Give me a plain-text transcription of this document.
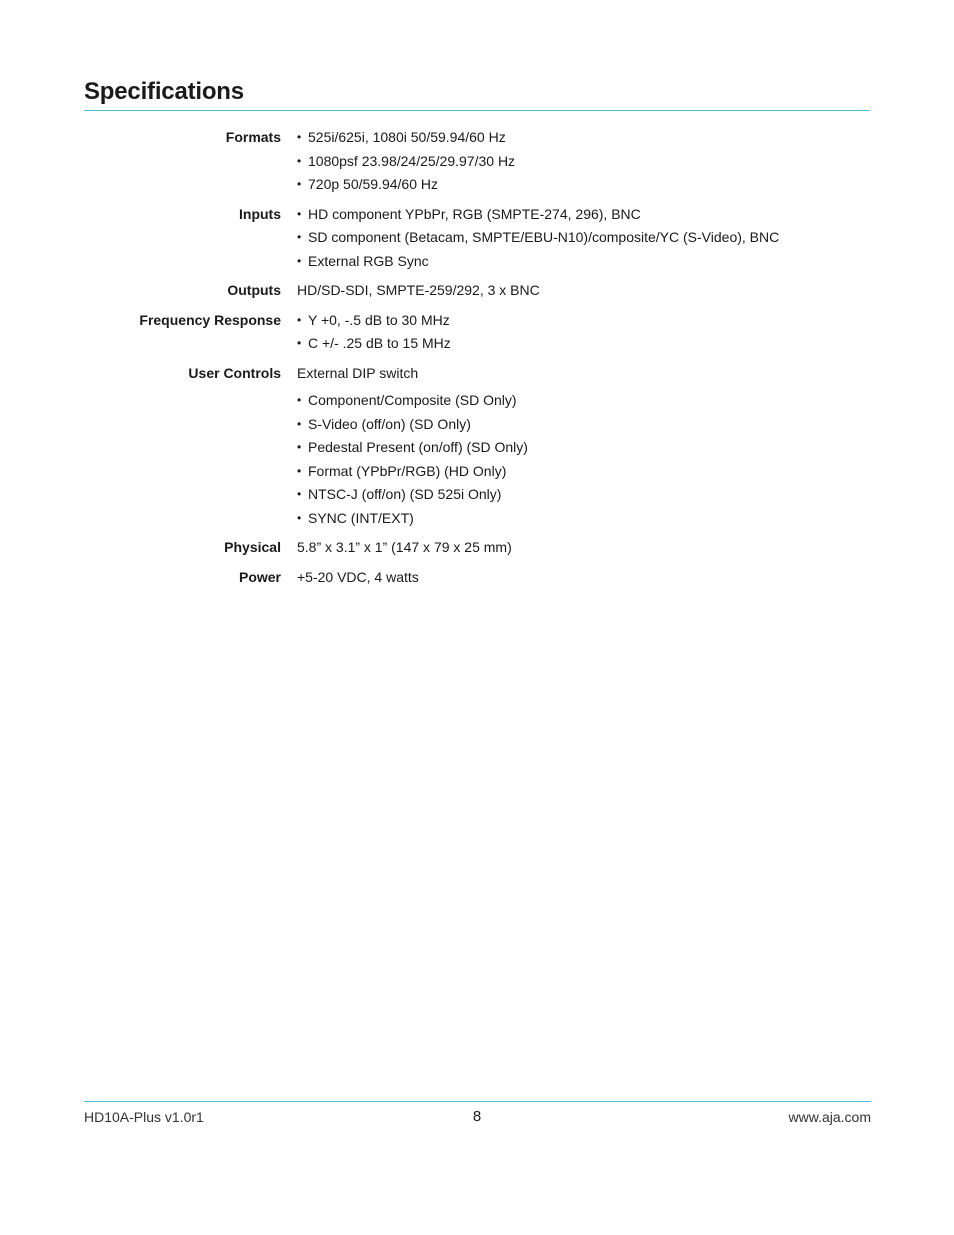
Specifications
Formats • 525i/625i, 1080i 50/59.94/60 Hz
• 1080psf 23.98/24/25/29.97/30 Hz
• 720p 50/59.94/60 Hz
Inputs • HD component YPbPr, RGB (SMPTE-274, 296), BNC
• SD component (Betacam, SMPTE/EBU-N10)/composite/YC (S-Video), BNC
• External RGB Sync
Outputs HD/SD-SDI, SMPTE-259/292, 3 x BNC
Frequency Response • Y +0, -.5 dB to 30 MHz
• C +/- .25 dB to 15 MHz
User Controls External DIP switch
• Component/Composite (SD Only)
• S-Video (off/on) (SD Only)
• Pedestal Present (on/off) (SD Only)
• Format (YPbPr/RGB) (HD Only)
• NTSC-J (off/on) (SD 525i Only)
• SYNC (INT/EXT)
Physical 5.8” x 3.1” x 1” (147 x 79 x 25 mm)
Power +5-20 VDC, 4 watts
HD10A-Plus v1.0r1	8	www.aja.com
